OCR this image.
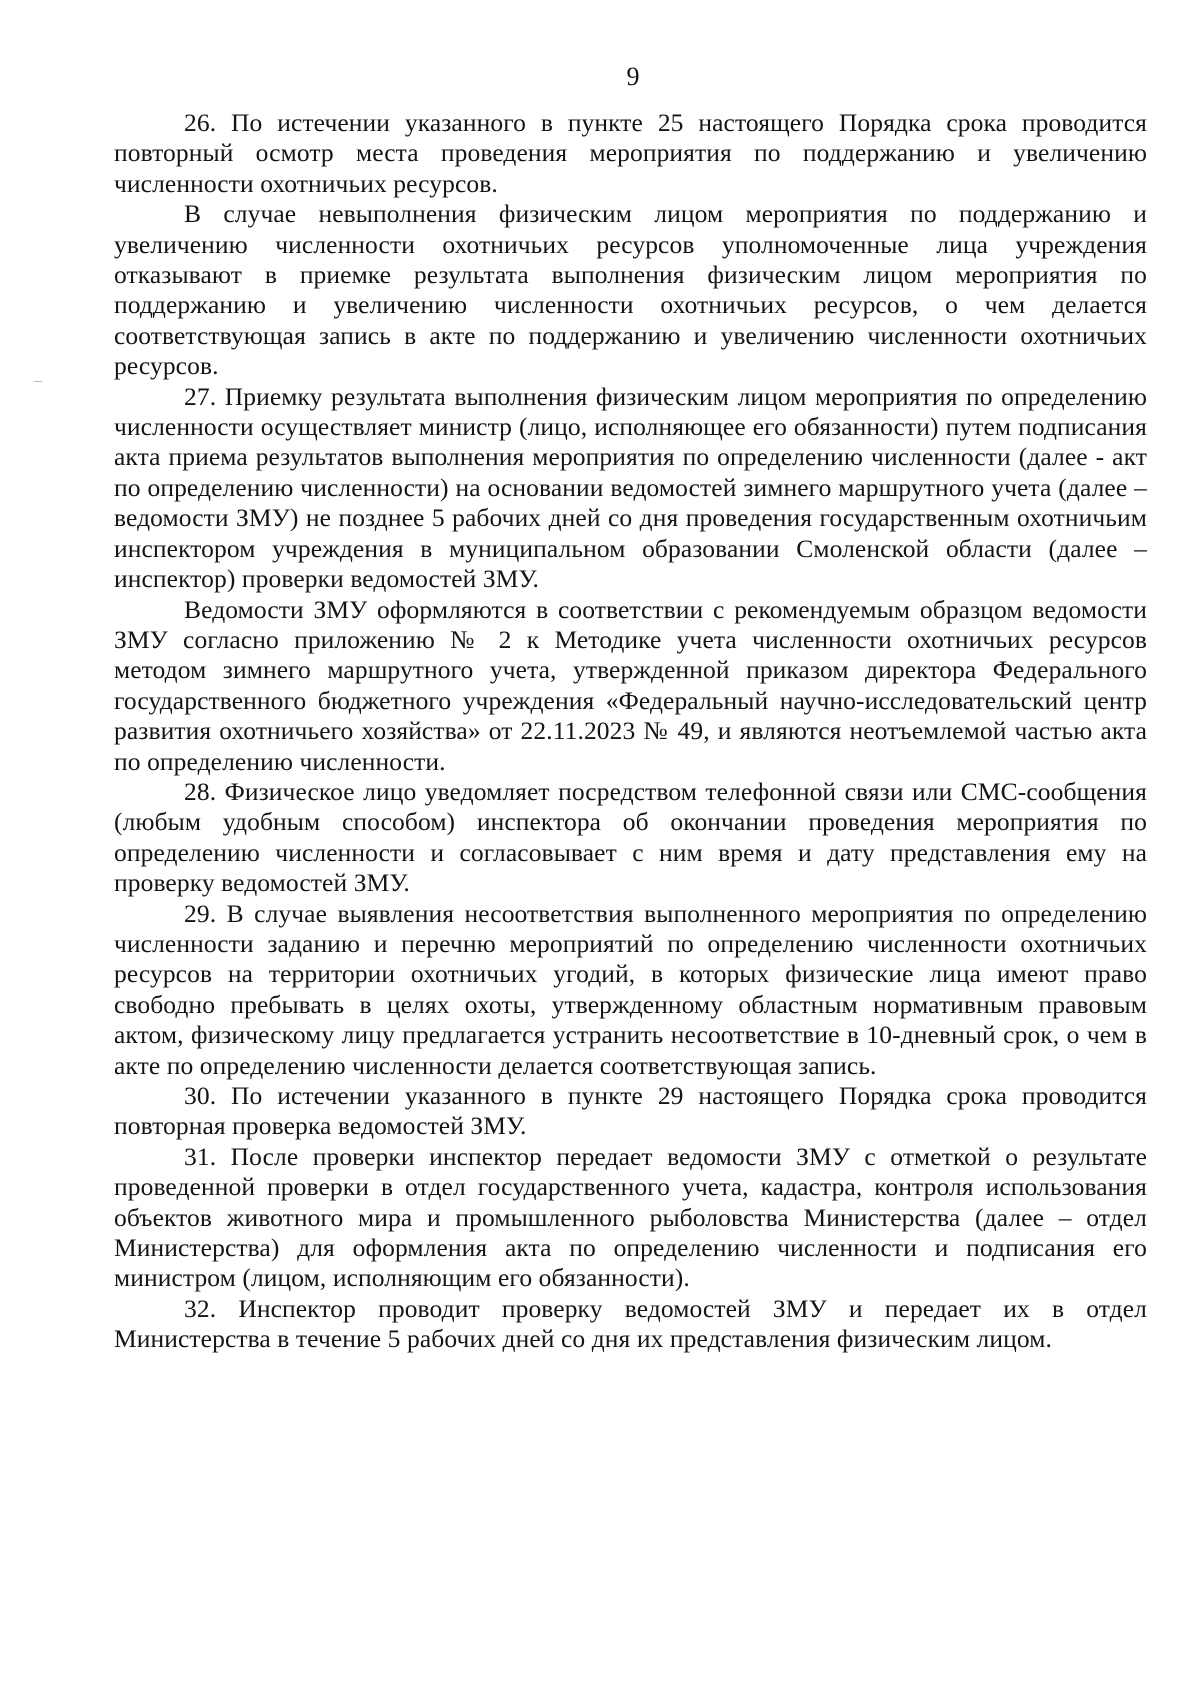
9

26. По истечении указанного в пункте 25 настоящего Порядка срока проводится повторный осмотр места проведения мероприятия по поддержанию и увеличению численности охотничьих ресурсов.

В случае невыполнения физическим лицом мероприятия по поддержанию и увеличению численности охотничьих ресурсов уполномоченные лица учреждения отказывают в приемке результата выполнения физическим лицом мероприятия по поддержанию и увеличению численности охотничьих ресурсов, о чем делается соответствующая запись в акте по поддержанию и увеличению численности охотничьих ресурсов.

27. Приемку результата выполнения физическим лицом мероприятия по определению численности осуществляет министр (лицо, исполняющее его обязанности) путем подписания акта приема результатов выполнения мероприятия по определению численности (далее - акт по определению численности) на основании ведомостей зимнего маршрутного учета (далее – ведомости ЗМУ) не позднее 5 рабочих дней со дня проведения государственным охотничьим инспектором учреждения в муниципальном образовании Смоленской области (далее – инспектор) проверки ведомостей ЗМУ.

Ведомости ЗМУ оформляются в соответствии с рекомендуемым образцом ведомости ЗМУ согласно приложению № 2 к Методике учета численности охотничьих ресурсов методом зимнего маршрутного учета, утвержденной приказом директора Федерального государственного бюджетного учреждения «Федеральный научно-исследовательский центр развития охотничьего хозяйства» от 22.11.2023 № 49, и являются неотъемлемой частью акта по определению численности.

28. Физическое лицо уведомляет посредством телефонной связи или СМС-сообщения (любым удобным способом) инспектора об окончании проведения мероприятия по определению численности и согласовывает с ним время и дату представления ему на проверку ведомостей ЗМУ.

29. В случае выявления несоответствия выполненного мероприятия по определению численности заданию и перечню мероприятий по определению численности охотничьих ресурсов на территории охотничьих угодий, в которых физические лица имеют право свободно пребывать в целях охоты, утвержденному областным нормативным правовым актом, физическому лицу предлагается устранить несоответствие в 10-дневный срок, о чем в акте по определению численности делается соответствующая запись.

30. По истечении указанного в пункте 29 настоящего Порядка срока проводится повторная проверка ведомостей ЗМУ.

31. После проверки инспектор передает ведомости ЗМУ с отметкой о результате проведенной проверки в отдел государственного учета, кадастра, контроля использования объектов животного мира и промышленного рыболовства Министерства (далее – отдел Министерства) для оформления акта по определению численности и подписания его министром (лицом, исполняющим его обязанности).

32. Инспектор проводит проверку ведомостей ЗМУ и передает их в отдел Министерства в течение 5 рабочих дней со дня их представления физическим лицом.
